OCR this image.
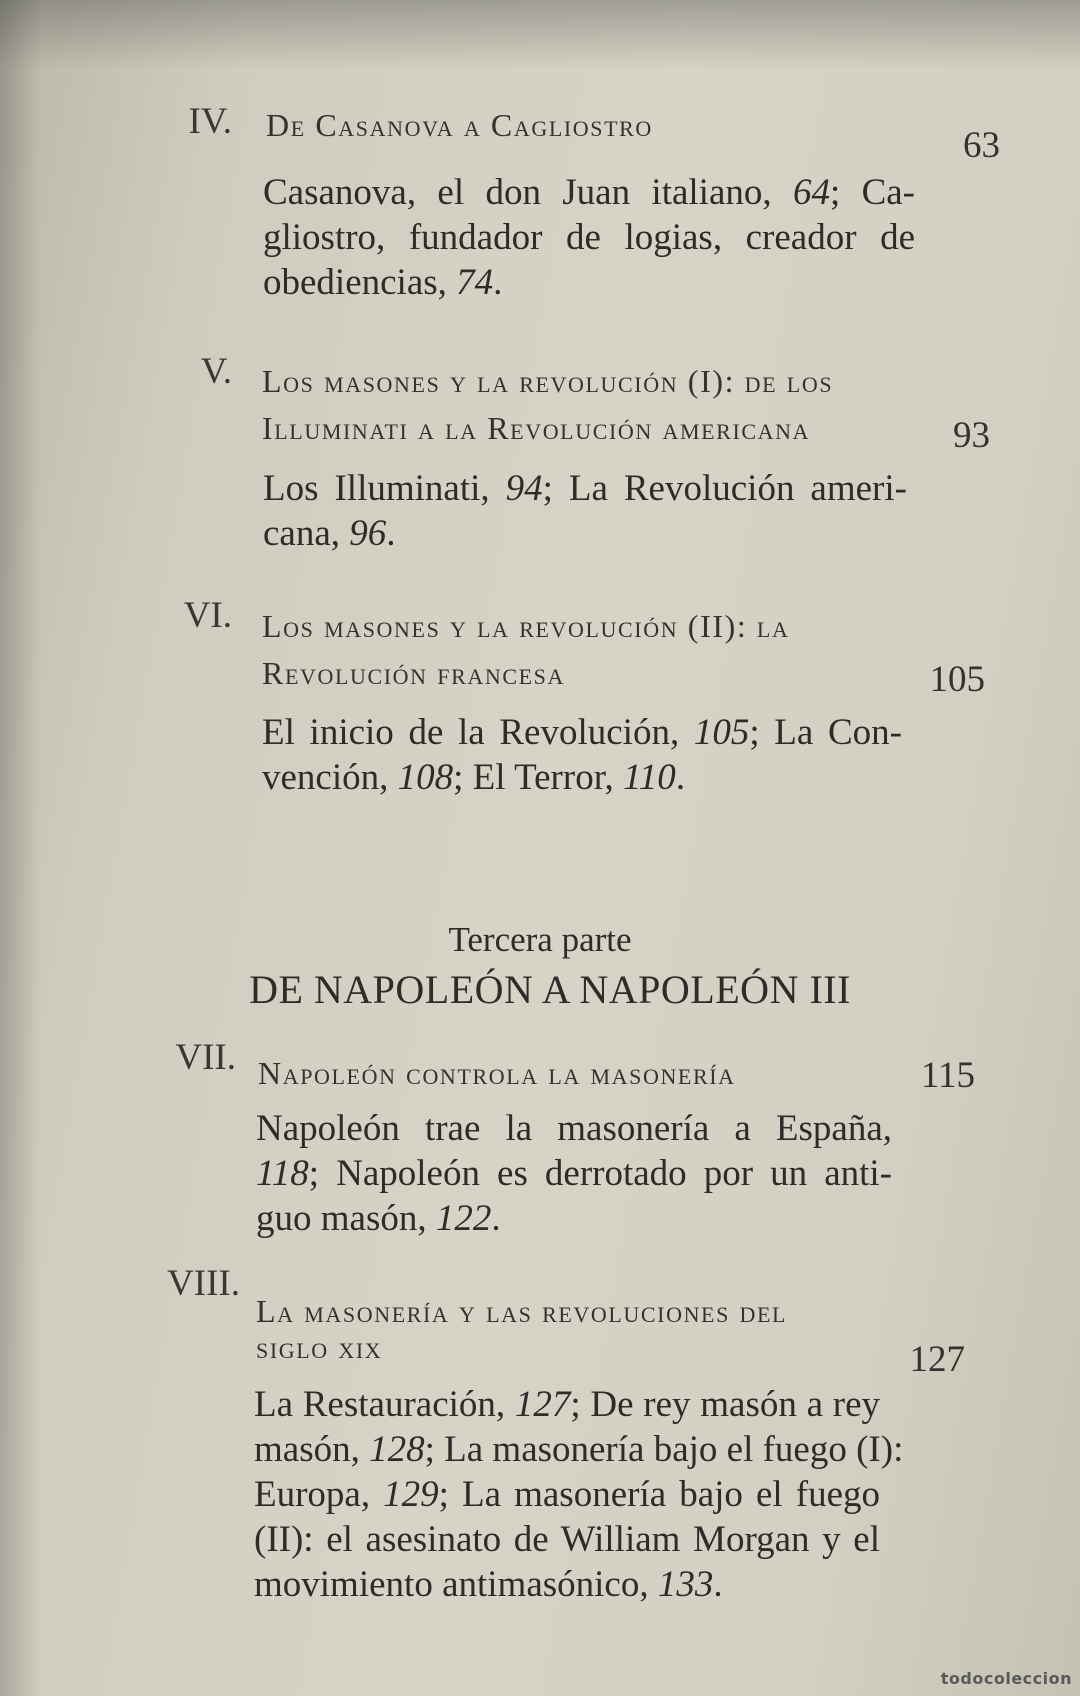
IV. De Casanova a Cagliostro	63
Casanova, el don Juan italiano, 64; Ca-
gliostro, fundador de logias, creador de
obediencias, 74.
V. Los masones y la revolución (I): de los
Illuminati a la Revolución americana	93
Los Illuminati, 94; La Revolución ameri-
cana, 96.
VI. Los masones y la revolución (II): la
Revolución francesa	105
El inicio de la Revolución, 105; La Con-
vención, 108; El Terror, 110.
Tercera parte
DE NAPOLEÓN A NAPOLEÓN III
VII. Napoleón controla la masonería	115
Napoleón trae la masonería a España,
118; Napoleón es derrotado por un anti-
guo masón, 122.
VIII.
La masonería y las revoluciones del
siglo xix	127
La Restauración, 127; De rey masón a rey
masón, 128; La masonería bajo el fuego (I):
Europa, 129; La masonería bajo el fuego
(II): el asesinato de William Morgan y el
movimiento antimasónico, 133.
todocoleccion
